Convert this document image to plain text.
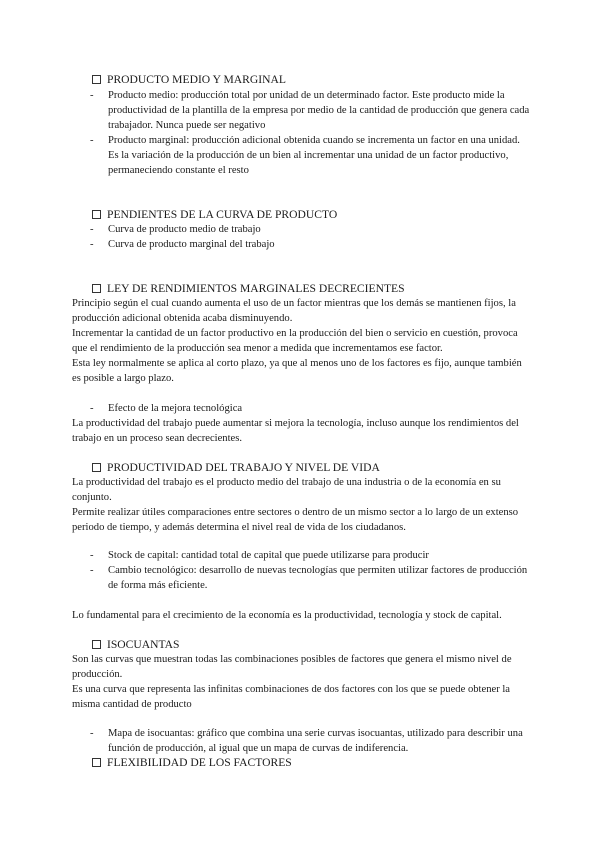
PRODUCTO MEDIO Y MARGINAL
- Producto medio: producción total por unidad de un determinado factor. Este producto mide la productividad de la plantilla de la empresa por medio de la cantidad de producción que genera cada trabajador. Nunca puede ser negativo
- Producto marginal: producción adicional obtenida cuando se incrementa un factor en una unidad. Es la variación de la producción de un bien al incrementar una unidad de un factor productivo, permaneciendo constante el resto
PENDIENTES DE LA CURVA DE PRODUCTO
- Curva de producto medio de trabajo
- Curva de producto marginal del trabajo
LEY DE RENDIMIENTOS MARGINALES DECRECIENTES
Principio según el cual cuando aumenta el uso de un factor mientras que los demás se mantienen fijos, la producción adicional obtenida acaba disminuyendo.
Incrementar la cantidad de un factor productivo en la producción del bien o servicio en cuestión, provoca que el rendimiento de la producción sea menor a medida que incrementamos ese factor.
Esta ley normalmente se aplica al corto plazo, ya que al menos uno de los factores es fijo, aunque también es posible a largo plazo.
- Efecto de la mejora tecnológica
La productividad del trabajo puede aumentar si mejora la tecnología, incluso aunque los rendimientos del trabajo en un proceso sean decrecientes.
PRODUCTIVIDAD DEL TRABAJO Y NIVEL DE VIDA
La productividad del trabajo es el producto medio del trabajo de una industria o de la economía en su conjunto.
Permite realizar útiles comparaciones entre sectores o dentro de un mismo sector a lo largo de un extenso periodo de tiempo, y además determina el nivel real de vida de los ciudadanos.
- Stock de capital: cantidad total de capital que puede utilizarse para producir
- Cambio tecnológico: desarrollo de nuevas tecnologías que permiten utilizar factores de producción de forma más eficiente.
Lo fundamental para el crecimiento de la economía es la productividad, tecnología y stock de capital.
ISOCUANTAS
Son las curvas que muestran todas las combinaciones posibles de factores que genera el mismo nivel de producción.
Es una curva que representa las infinitas combinaciones de dos factores con los que se puede obtener la misma cantidad de producto
- Mapa de isocuantas: gráfico que combina una serie curvas isocuantas, utilizado para describir una función de producción, al igual que un mapa de curvas de indiferencia.
FLEXIBILIDAD DE LOS FACTORES
